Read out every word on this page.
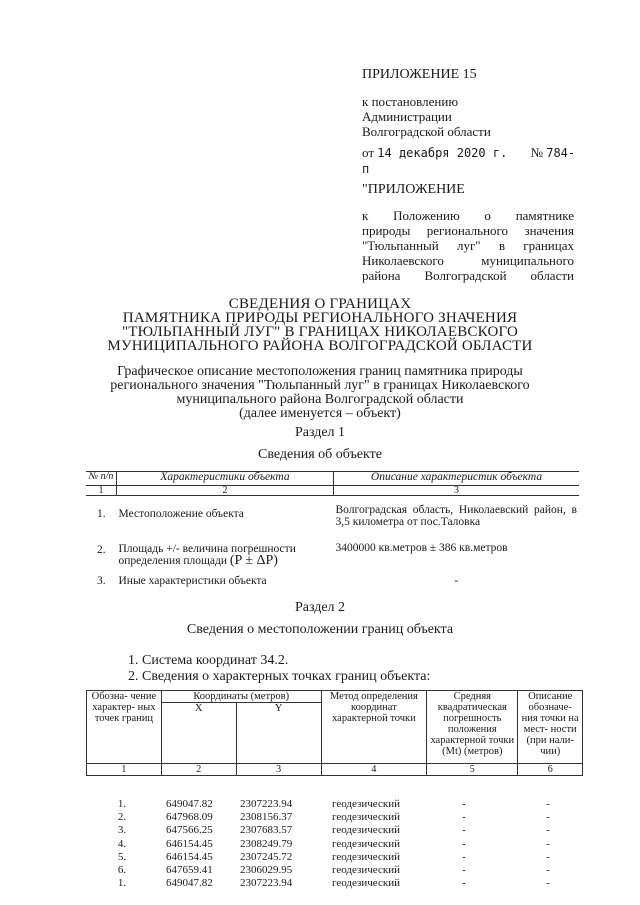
ПРИЛОЖЕНИЕ 15
к постановлению
Администрации
Волгоградской области
от 14 декабря 2020 г. № 784-п
"ПРИЛОЖЕНИЕ
к Положению о памятнике
природы регионального значения
"Тюльпанный луг" в границах
Николаевского муниципального
района Волгоградской области
СВЕДЕНИЯ О ГРАНИЦАХ
ПАМЯТНИКА ПРИРОДЫ РЕГИОНАЛЬНОГО ЗНАЧЕНИЯ
"ТЮЛЬПАННЫЙ ЛУГ" В ГРАНИЦАХ НИКОЛАЕВСКОГО
МУНИЦИПАЛЬНОГО РАЙОНА ВОЛГОГРАДСКОЙ ОБЛАСТИ
Графическое описание местоположения границ памятника природы
регионального значения "Тюльпанный луг" в границах Николаевского
муниципального района Волгоградской области
(далее именуется – объект)
Раздел 1
Сведения об объекте
№ п/п	Характеристики объекта	Описание характеристик объекта
1	2	3
1.	Местоположение объекта	Волгоградская область, Николаевский район, в 3,5 километра от пос.Таловка
2.	Площадь +/- величина погрешности определения площади (P ± ΔP)	3400000 кв.метров ± 386 кв.метров
3.	Иные характеристики объекта	-
Раздел 2
Сведения о местоположении границ объекта
1. Система координат 34.2.
2. Сведения о характерных точках границ объекта:
Обозна- чение характер- ных точек границ	Координаты (метров)		Метод определения координат характерной точки	Средняя квадратическая погрешность положения характерной точки (Mt) (метров)	Описание обозначе- ния точки на мест- ности (при нали- чии)
	X	Y			
1	2	3	4	5	6
1.	649047.82	2307223.94	геодезический	-	-
2.	647968.09	2308156.37	геодезический	-	-
3.	647566.25	2307683.57	геодезический	-	-
4.	646154.45	2308249.79	геодезический	-	-
5.	646154.45	2307245.72	геодезический	-	-
6.	647659.41	2306029.95	геодезический	-	-
1.	649047.82	2307223.94	геодезический	-	-
